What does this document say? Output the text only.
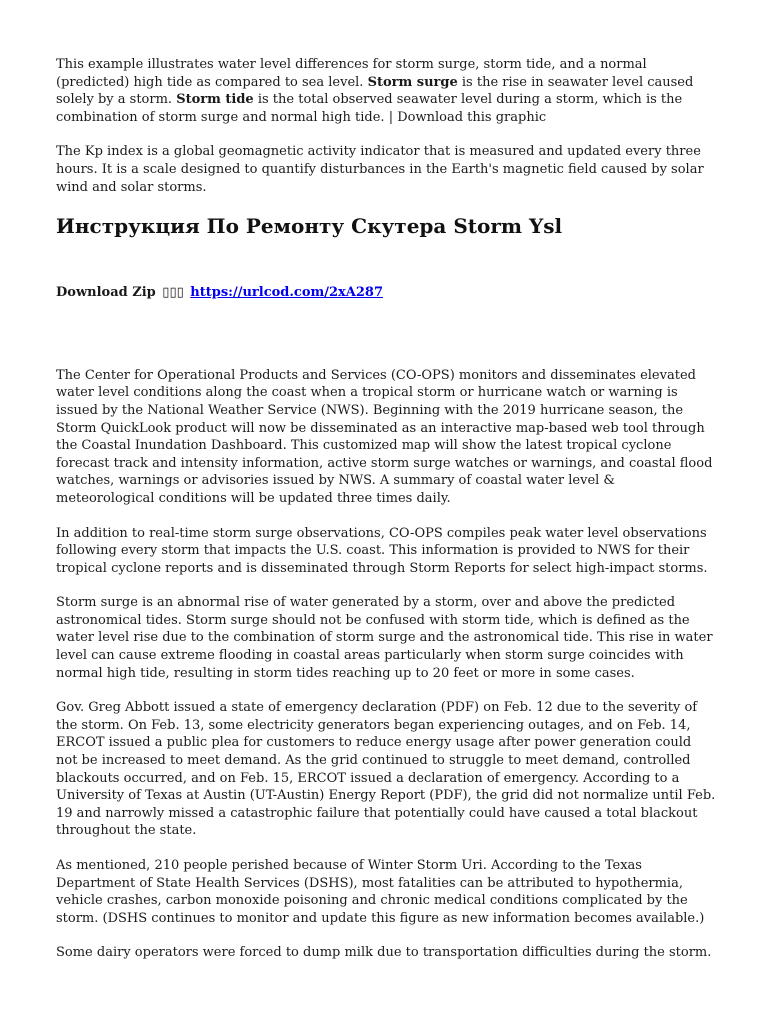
This example illustrates water level differences for storm surge, storm tide, and a normal (predicted) high tide as compared to sea level. Storm surge is the rise in seawater level caused solely by a storm. Storm tide is the total observed seawater level during a storm, which is the combination of storm surge and normal high tide. | Download this graphic

The Kp index is a global geomagnetic activity indicator that is measured and updated every three hours. It is a scale designed to quantify disturbances in the Earth's magnetic field caused by solar wind and solar storms.

Инструкция По Ремонту Скутера Storm Ysl

Download Zip ▯▯▯ https://urlcod.com/2xA287

The Center for Operational Products and Services (CO-OPS) monitors and disseminates elevated water level conditions along the coast when a tropical storm or hurricane watch or warning is issued by the National Weather Service (NWS). Beginning with the 2019 hurricane season, the Storm QuickLook product will now be disseminated as an interactive map-based web tool through the Coastal Inundation Dashboard. This customized map will show the latest tropical cyclone forecast track and intensity information, active storm surge watches or warnings, and coastal flood watches, warnings or advisories issued by NWS. A summary of coastal water level & meteorological conditions will be updated three times daily.

In addition to real-time storm surge observations, CO-OPS compiles peak water level observations following every storm that impacts the U.S. coast. This information is provided to NWS for their tropical cyclone reports and is disseminated through Storm Reports for select high-impact storms.

Storm surge is an abnormal rise of water generated by a storm, over and above the predicted astronomical tides. Storm surge should not be confused with storm tide, which is defined as the water level rise due to the combination of storm surge and the astronomical tide. This rise in water level can cause extreme flooding in coastal areas particularly when storm surge coincides with normal high tide, resulting in storm tides reaching up to 20 feet or more in some cases.

Gov. Greg Abbott issued a state of emergency declaration (PDF) on Feb. 12 due to the severity of the storm. On Feb. 13, some electricity generators began experiencing outages, and on Feb. 14, ERCOT issued a public plea for customers to reduce energy usage after power generation could not be increased to meet demand. As the grid continued to struggle to meet demand, controlled blackouts occurred, and on Feb. 15, ERCOT issued a declaration of emergency. According to a University of Texas at Austin (UT-Austin) Energy Report (PDF), the grid did not normalize until Feb. 19 and narrowly missed a catastrophic failure that potentially could have caused a total blackout throughout the state.

As mentioned, 210 people perished because of Winter Storm Uri. According to the Texas Department of State Health Services (DSHS), most fatalities can be attributed to hypothermia, vehicle crashes, carbon monoxide poisoning and chronic medical conditions complicated by the storm. (DSHS continues to monitor and update this figure as new information becomes available.)

Some dairy operators were forced to dump milk due to transportation difficulties during the storm.
